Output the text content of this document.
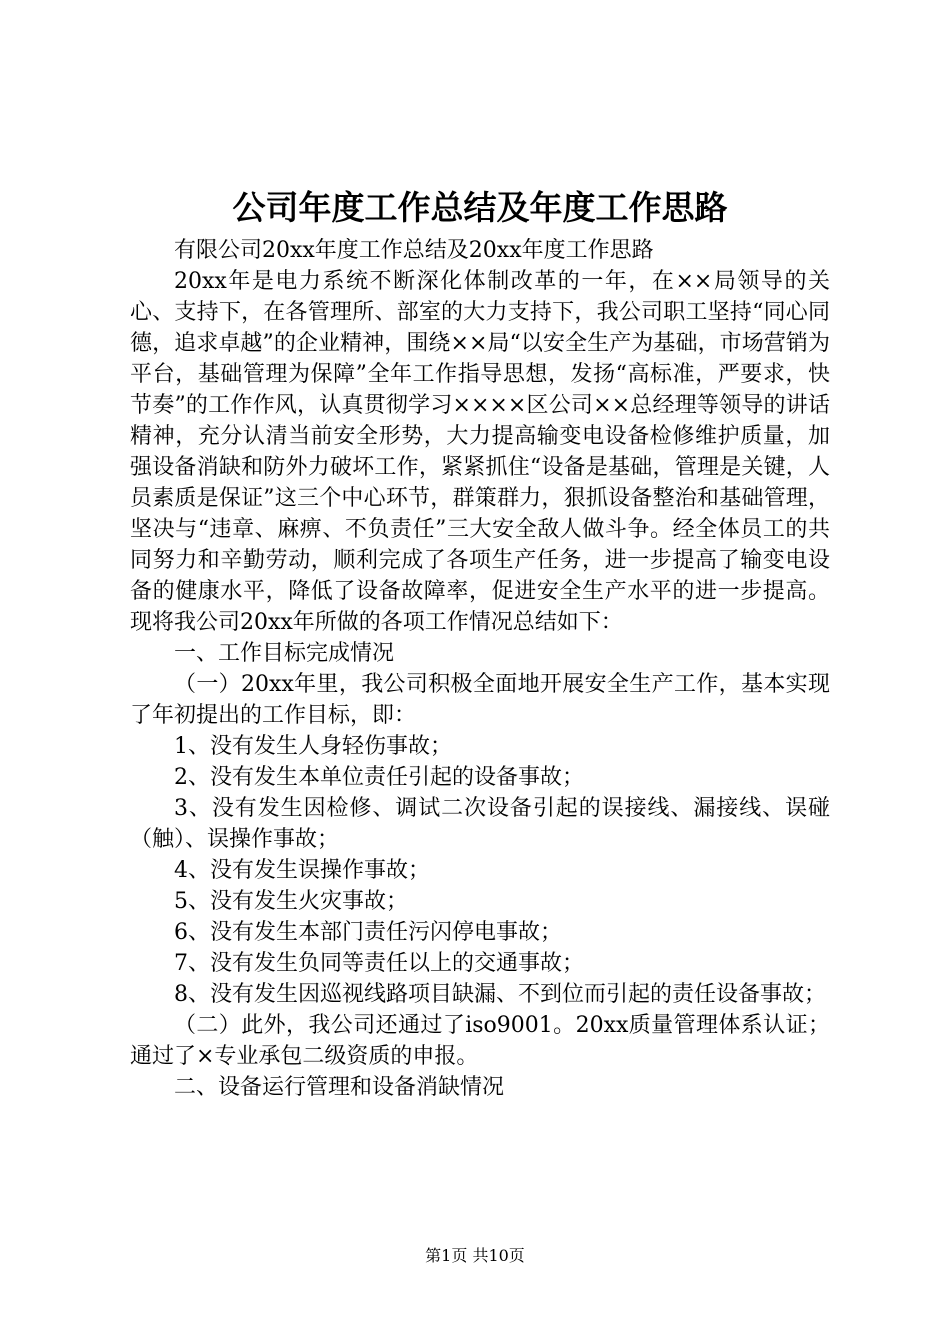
公司年度工作总结及年度工作思路

有限公司20xx年度工作总结及20xx年度工作思路

20xx年是电力系统不断深化体制改革的一年，在××局领导的关心、支持下，在各管理所、部室的大力支持下，我公司职工坚持“同心同德，追求卓越”的企业精神，围绕××局“以安全生产为基础，市场营销为平台，基础管理为保障”全年工作指导思想，发扬“高标准，严要求，快节奏”的工作作风，认真贯彻学习××××区公司××总经理等领导的讲话精神，充分认清当前安全形势，大力提高输变电设备检修维护质量，加强设备消缺和防外力破坏工作，紧紧抓住“设备是基础，管理是关键，人员素质是保证”这三个中心环节，群策群力，狠抓设备整治和基础管理，坚决与“违章、麻痹、不负责任”三大安全敌人做斗争。经全体员工的共同努力和辛勤劳动，顺利完成了各项生产任务，进一步提高了输变电设备的健康水平，降低了设备故障率，促进安全生产水平的进一步提高。现将我公司20xx年所做的各项工作情况总结如下：

一、工作目标完成情况

（一）20xx年里，我公司积极全面地开展安全生产工作，基本实现了年初提出的工作目标，即：

1、没有发生人身轻伤事故；

2、没有发生本单位责任引起的设备事故；

3、没有发生因检修、调试二次设备引起的误接线、漏接线、误碰（触）、误操作事故；

4、没有发生误操作事故；

5、没有发生火灾事故；

6、没有发生本部门责任污闪停电事故；

7、没有发生负同等责任以上的交通事故；

8、没有发生因巡视线路项目缺漏、不到位而引起的责任设备事故；

（二）此外，我公司还通过了iso9001。20xx质量管理体系认证；通过了×专业承包二级资质的申报。

二、设备运行管理和设备消缺情况

第1页 共10页
